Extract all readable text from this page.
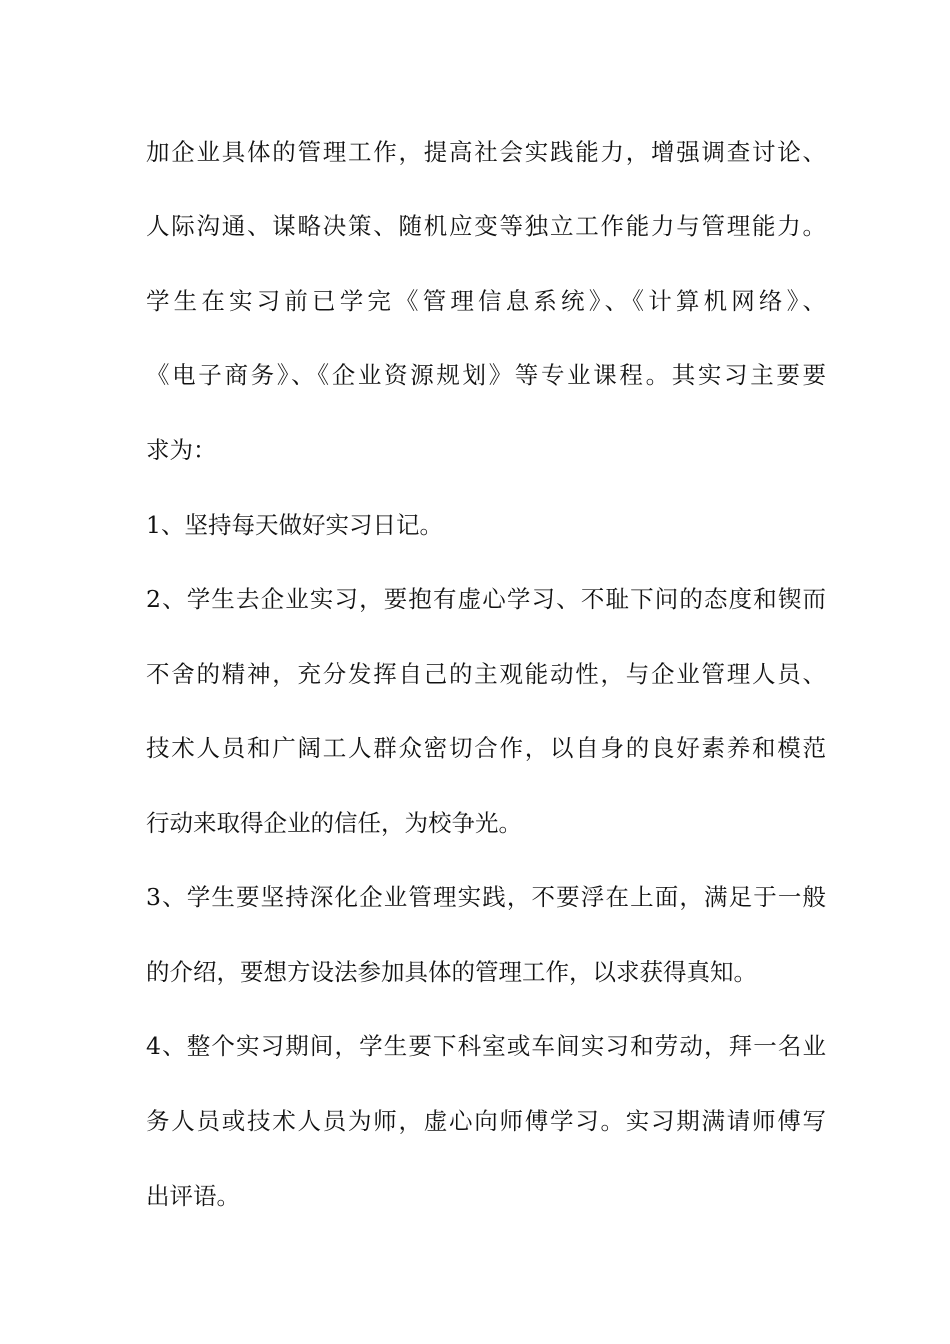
加企业具体的管理工作，提高社会实践能力，增强调查讨论、
人际沟通、谋略决策、随机应变等独立工作能力与管理能力。
学生在实习前已学完《管理信息系统》、《计算机网络》、
《电子商务》、《企业资源规划》等专业课程。其实习主要要
求为：
1、坚持每天做好实习日记。
2、学生去企业实习，要抱有虚心学习、不耻下问的态度和锲而
不舍的精神，充分发挥自己的主观能动性，与企业管理人员、
技术人员和广阔工人群众密切合作，以自身的良好素养和模范
行动来取得企业的信任，为校争光。
3、学生要坚持深化企业管理实践，不要浮在上面，满足于一般
的介绍，要想方设法参加具体的管理工作，以求获得真知。
4、整个实习期间，学生要下科室或车间实习和劳动，拜一名业
务人员或技术人员为师，虚心向师傅学习。实习期满请师傅写
出评语。
